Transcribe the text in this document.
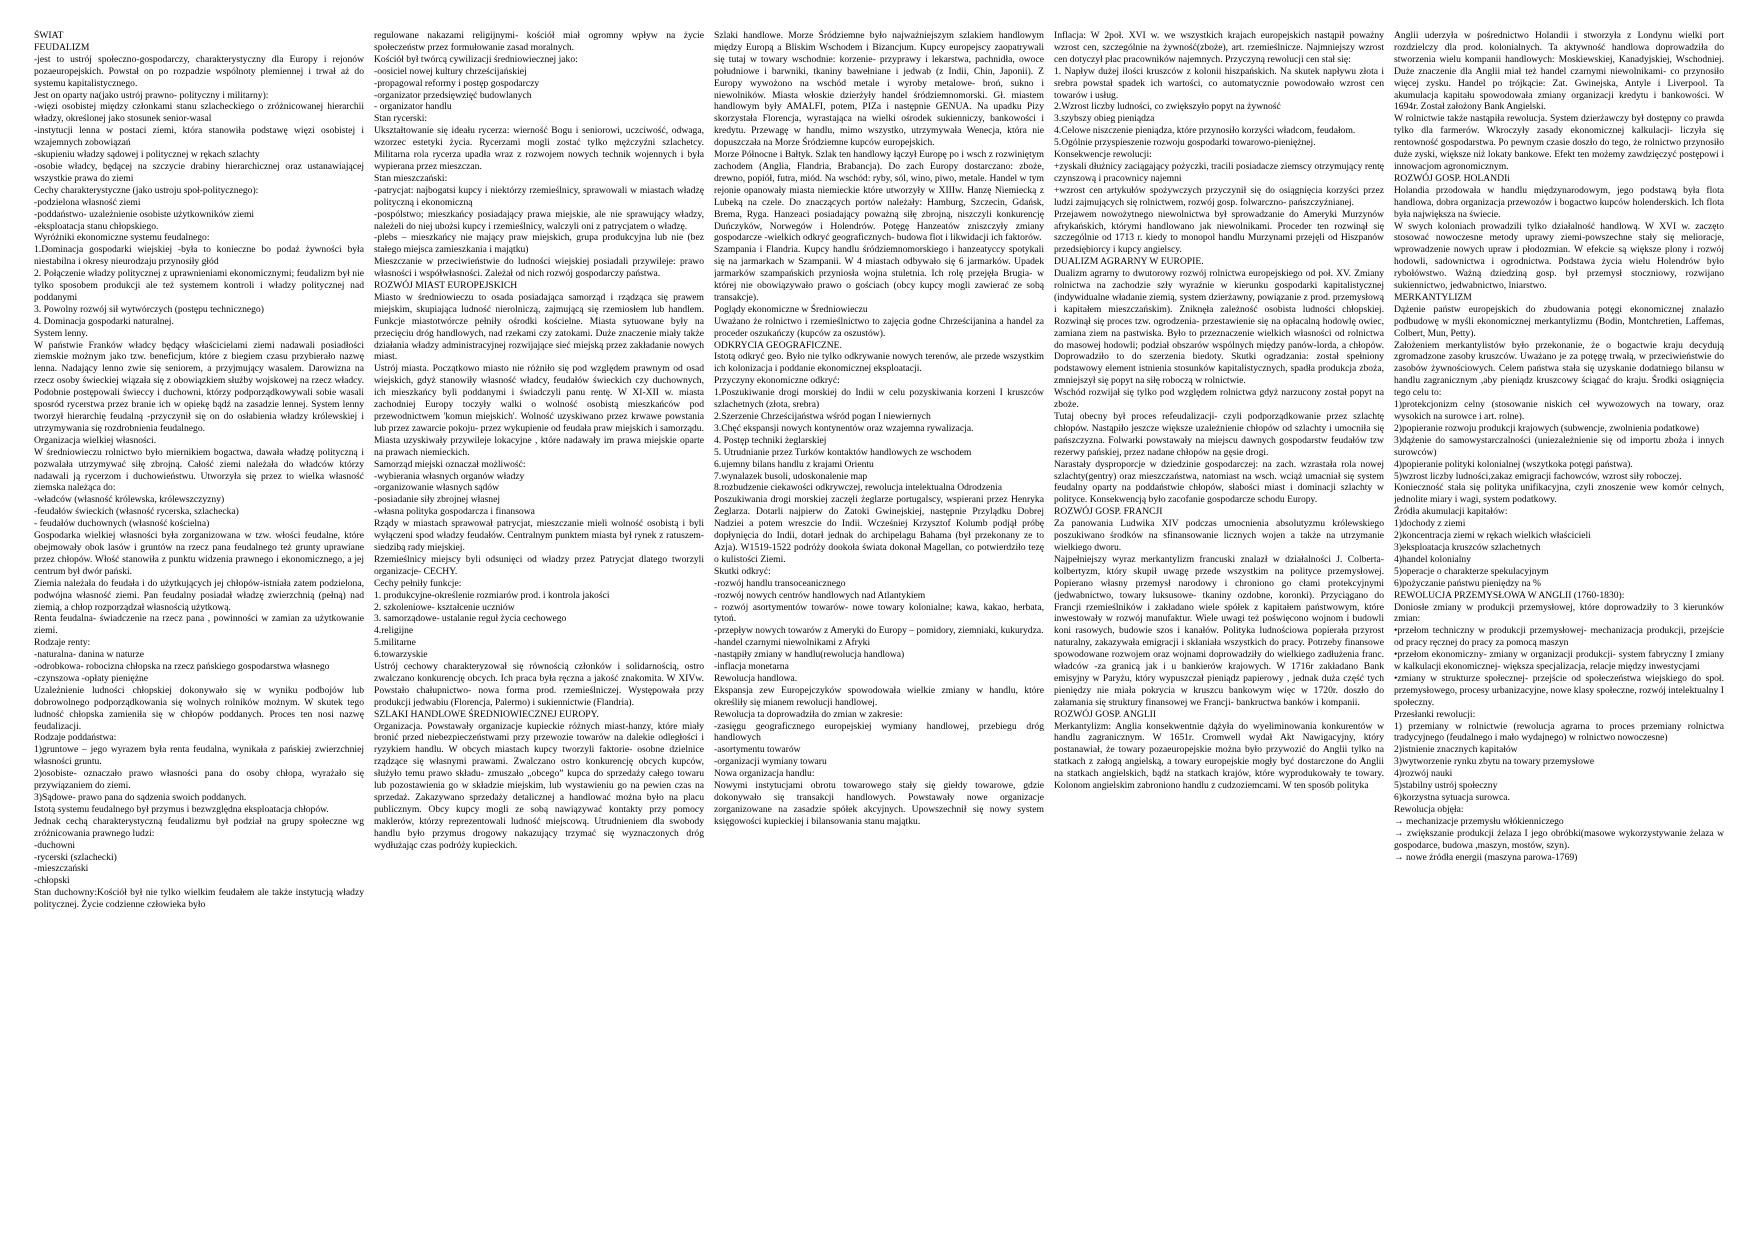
ŚWIAT

FEUDALIZM

-jest to ustrój społeczno-gospodarczy, charakterystyczny dla Europy i rejonów pozaeuropejskich. Powstał on po rozpadzie wspólnoty plemiennej i trwał aż do systemu kapitalistycznego.

Jest on oparty na(jako ustrój prawno- polityczny i militarny):

-więzi osobistej między członkami stanu szlacheckiego o zróżnicowanej hierarchii władzy, określonej jako stosunek senior-wasal

-instytucji lenna w postaci ziemi, która stanowiła podstawę więzi osobistej i wzajemnych zobowiązań

-skupieniu władzy sądowej i politycznej w rękach szlachty

-osobie władcy, będącej na szczycie drabiny hierarchicznej oraz ustanawiającej wszystkie prawa do ziemi

Cechy charakterystyczne (jako ustroju społ-politycznego):

-podzielona własność ziemi

-poddaństwo- uzależnienie osobiste użytkowników ziemi

-eksploatacja stanu chłopskiego.

Wyróżniki ekonomiczne systemu feudalnego:

1.Dominacja gospodarki wiejskiej -była to konieczne bo podaż żywności była niestabilna i okresy nieurodzaju przynosiły głód

2. Połączenie władzy politycznej z uprawnieniami ekonomicznymi; feudalizm był nie tylko sposobem produkcji ale też systemem kontroli i władzy politycznej nad poddanymi

3. Powolny rozwój sił wytwórczych (postępu technicznego)

4. Dominacja gospodarki naturalnej.

System lenny.

W państwie Franków władcy będący właścicielami ziemi nadawali posiadłości ziemskie możnym jako tzw. beneficjum, które z biegiem czasu przybierało nazwę lenna. Nadający lenno zwie się seniorem, a przyjmujący wasalem. Darowizna na rzecz osoby świeckiej wiązała się z obowiązkiem służby wojskowej na rzecz władcy. Podobnie postępowali świeccy i duchowni, którzy podporządkowywali sobie wasali sposród rycerstwa przez branie ich w opiekę bądź na zasadzie lennej. System lenny tworzył hierarchię feudalną -przyczynił się on do osłabienia władzy królewskiej i utrzymywania się rozdrobnienia feudalnego.

Organizacja wielkiej własności.

W średniowieczu rolnictwo było miernikiem bogactwa, dawała władzę polityczną i pozwalała utrzymywać siłę zbrojną. Całość ziemi należała do władców którzy nadawali ją rycerzom i duchowieństwu. Utworzyła się przez to wielka własność ziemska należąca do:

-władców (własność królewska, królewszczyzny)

-feudałów świeckich (własność rycerska, szlachecka)

- feudałów duchownych (własność kościelna)

Gospodarka wielkiej własności była zorganizowana w tzw. włości feudalne, które obejmowały obok lasów i gruntów na rzecz pana feudalnego też grunty uprawiane przez chłopów. Włość stanowiła z punktu widzenia prawnego i ekonomicznego, a jej centrum był dwór pański.

Ziemia należała do feudała i do użytkujących jej chłopów-istniała zatem podzielona, podwójna własność ziemi. Pan feudalny posiadał władzę zwierzchnią (pełną) nad ziemią, a chłop rozporządzał własnością użytkową.

Renta feudalna- świadczenie na rzecz pana , powinności w zamian za użytkowanie ziemi.

Rodzaje renty:

-naturalna- danina w naturze

-odrobkowa- robocizna chłopska na rzecz pańskiego gospodarstwa własnego

-czynszowa -opłaty pieniężne

Uzależnienie ludności chłopskiej dokonywało się w wyniku podbojów lub dobrowolnego podporządkowania się wolnych rolników możnym. W skutek tego ludność chłopska zamieniła się w chłopów poddanych. Proces ten nosi nazwę feudalizacji.

Rodzaje poddaństwa:

1)gruntowe – jego wyrazem była renta feudalna, wynikała z pańskiej zwierzchniej własności gruntu.

2)osobiste- oznaczało prawo własności pana do osoby chłopa, wyrażało się przywiązaniem do ziemi.

3)Sądowe- prawo pana do sądzenia swoich poddanych.

Istotą systemu feudalnego był przymus i bezwzględna eksploatacja chłopów.

Jednak cechą charakterystyczną feudalizmu był podział na grupy społeczne wg zróżnicowania prawnego ludzi:

-duchowni

-rycerski (szlachecki)

-mieszczański

-chłopski

Stan duchowny:Kościół był nie tylko wielkim feudałem ale także instytucją władzy politycznej. Życie codzienne człowieka było

regulowane nakazami religijnymi- kościół miał ogromny wpływ na życie społeczeństw przez formułowanie zasad moralnych.

Kościół był twórcą cywilizacji średniowiecznej jako:

-oosiciel nowej kultury chrześcijańskiej

-propagowal reformy i postęp gospodarczy

-organizator przedsięwzięć budowlanych

- organizator handlu

Stan rycerski:

Ukształtowanie się ideału rycerza: wierność Bogu i seniorowi, uczciwość, odwaga, wzorzec estetyki życia. Rycerzami mogli zostać tylko mężczyźni szlachetcy. Militarna rola rycerza upadła wraz z rozwojem nowych technik wojennych i była wypierana przez mieszczan.

Stan mieszczański:

-patrycjat: najbogatsi kupcy i niektórzy rzemieślnicy, sprawowali w miastach władzę polityczną i ekonomiczną

-pospólstwo; mieszkańcy posiadający prawa miejskie, ale nie sprawujący władzy, należeli do niej ubożsi kupcy i rzemieślnicy, walczyli oni z patrycjatem o władzę.

-plebs – mieszkańcy nie mający praw miejskich, grupa produkcyjna lub nie (bez stałego miejsca zamieszkania i majątku)

Mieszczanie w przeciwieństwie do ludności wiejskiej posiadali przywileje: prawo własności i współwłasności. Zależał od nich rozwój gospodarczy państwa.

ROZWÓJ MIAST EUROPEJSKICH

Miasto w średniowieczu to osada posiadająca samorząd i rządząca się prawem miejskim, skupiająca ludność nierolniczą, zajmującą się rzemiosłem lub handlem. Funkcje miastotwórcze pełniły ośrodki kościelne. Miasta sytuowane były na przecięciu dróg handlowych, nad rzekami czy zatokami. Duże znaczenie miały także działania władzy administracyjnej rozwijające sieć miejską przez zakładanie nowych miast.

Ustrój miasta. Początkowo miasto nie różniło się pod względem prawnym od osad wiejskich, gdyż stanowiły własność władcy, feudałów świeckich czy duchownych, ich mieszkańcy byli poddanymi i świadczyli panu rentę. W XI-XII w. miasta zachodniej Europy toczyły walki o wolność osobistą mieszkańców pod przewodnictwem 'komun miejskich'. Wolność uzyskiwano przez krwawe powstania lub przez zawarcie pokoju- przez wykupienie od feudała praw miejskich i samorządu. Miasta uzyskiwały przywileje lokacyjne , które nadawały im prawa miejskie oparte na prawach niemieckich.

Samorząd miejski oznaczał możliwość:

-wybierania własnych organów władzy

-organizowanie własnych sądów

-posiadanie siły zbrojnej własnej

-własna polityka gospodarcza i finansowa

Rządy w miastach sprawował patrycjat, mieszczanie mieli wolność osobistą i byli wyłączeni spod władzy feudałów. Centralnym punktem miasta był rynek z ratuszem- siedzibą rady miejskiej.

Rzemieślnicy miejscy byli odsunięci od władzy przez Patrycjat dlatego tworzyli organizacje- CECHY.

Cechy pełniły funkcje:

1. produkcyjne-określenie rozmiarów prod. i kontrola jakości

2. szkoleniowe- kształcenie uczniów

3. samorządowe- ustalanie reguł życia cechowego

4.religijne

5.militarne

6.towarzyskie

Ustrój cechowy charakteryzował się równością członków i solidarnością, ostro zwalczano konkurencję obcych. Ich praca była ręczna a jakość znakomita. W XIVw. Powstało chałupnictwo- nowa forma prod. rzemieślniczej. Występowała przy produkcji jedwabiu (Florencja, Palermo) i sukiennictwie (Flandria).

SZLAKI HANDLOWE ŚREDNIOWIECZNEJ EUROPY.

Organizacja. Powstawały organizacje kupieckie różnych miast-hanzy, które miały bronić przed niebezpieczeństwami przy przewozie towarów na dalekie odległości i ryzykiem handlu. W obcych miastach kupcy tworzyli faktorie- osobne dzielnice rządzące się własnymi prawami. Zwalczano ostro konkurencję obcych kupców, służyło temu prawo składu- zmuszało „obcego” kupca do sprzedaży całego towaru lub pozostawienia go w składzie miejskim, lub wystawieniu go na pewien czas na sprzedaż. Zakazywano sprzedaży detalicznej a handlować można było na placu publicznym. Obcy kupcy mogli ze sobą nawiązywać kontakty przy pomocy maklerów, którzy reprezentowali ludność miejscową. Utrudnieniem dla swobody handlu było przymus drogowy nakazujący trzymać się wyznaczonych dróg wydłużając czas podróży kupieckich.

Szlaki handlowe. Morze Śródziemne było najważniejszym szlakiem handlowym między Europą a Bliskim Wschodem i Bizancjum. Kupcy europejscy zaopatrywali się tutaj w towary wschodnie: korzenie- przyprawy i lekarstwa, pachnidła, owoce południowe i barwniki, tkaniny bawełniane i jedwab (z Indii, Chin, Japonii). Z Europy wywożono na wschód metale i wyroby metalowe- broń, sukno i niewolników. Miasta włoskie dzierżyły handel śródziemnomorski. Gł. miastem handlowym były AMALFI, potem, PIZa i następnie GENUA. Na upadku Pizy skorzystała Florencja, wyrastająca na wielki ośrodek sukienniczy, bankowości i kredytu. Przewagę w handlu, mimo wszystko, utrzymywała Wenecja, która nie dopuszczała na Morze Śródziemne kupców europejskich.

Morze Północne i Bałtyk. Szlak ten handlowy łączył Europę po i wsch z rozwiniętym zachodem (Anglia, Flandria, Brabancja). Do zach Europy dostarczano: zboże, drewno, popiół, futra, miód. Na wschód: ryby, sól, wino, piwo, metale. Handel w tym rejonie opanowały miasta niemieckie które utworzyły w XIIIw. Hanzę Niemiecką z Lubeką na czele. Do znaczących portów należały: Hamburg, Szczecin, Gdańsk, Brema, Ryga. Hanzeaci posiadający poważną siłę zbrojną, niszczyli konkurencję Duńczyków, Norwegów i Holendrów. Potęgę Hanzeatów zniszczyły zmiany gospodarcze -wielkich odkryć geograficznych- budowa flot i likwidacji ich faktorów.

Szampania i Flandria. Kupcy handlu śródziemnomorskiego i hanzeatyccy spotykali się na jarmarkach w Szampanii. W 4 miastach odbywało się 6 jarmarków. Upadek jarmarków szampańskich przyniosła wojna stuletnia. Ich rolę przejęła Brugia- w której nie obowiązywało prawo o gościach (obcy kupcy mogli zawierać ze sobą transakcje).

Poglądy ekonomiczne w Średniowieczu

Uważano że rolnictwo i rzemieślnictwo to zajęcia godne Chrześcijanina a handel za proceder oszukańczy (kupców za oszustów).

ODKRYCIA GEOGRAFICZNE.

Istotą odkryć geo. Było nie tylko odkrywanie nowych terenów, ale przede wszystkim ich kolonizacja i poddanie ekonomicznej eksploatacji.

Przyczyny ekonomiczne odkryć:

1.Poszukiwanie drogi morskiej do Indii w celu pozyskiwania korzeni I kruszców szlachetnych (złota, srebra)

2.Szerzenie Chrześcijaństwa wśród pogan I niewiernych

3.Chęć ekspansji nowych kontynentów oraz wzajemna rywalizacja.

4. Postęp techniki żeglarskiej

5. Utrudnianie przez Turków kontaktów handlowych ze wschodem

6.ujemny bilans handlu z krajami Orientu

7.wynalazek busoli, udoskonalenie map

8.rozbudzenie ciekawości odkrywczej, rewolucja intelektualna Odrodzenia

Poszukiwania drogi morskiej zaczęli żeglarze portugalscy, wspierani przez Henryka Żeglarza. Dotarli najpierw do Zatoki Gwinejskiej, następnie Przylądku Dobrej Nadziei a potem wreszcie do Indii. Wcześniej Krzysztof Kolumb podjął próbę dopłynięcia do Indii, dotarł jednak do archipelagu Bahama (był przekonany ze to Azja). W1519-1522 podróży dookoła świata dokonał Magellan, co potwierdziło tezę o kulistości Ziemi.

Skutki odkryć:

-rozwój handlu transoceanicznego

-rozwój nowych centrów handlowych nad Atlantykiem

- rozwój asortymentów towarów- nowe towary kolonialne; kawa, kakao, herbata, tytoń.

-przepływ nowych towarów z Ameryki do Europy – pomidory, ziemniaki, kukurydza.

-handel czarnymi niewolnikami z Afryki

-nastąpiły zmiany w handlu(rewolucja handlowa)

-inflacja monetarna

Rewolucja handlowa.

Ekspansja zew Europejczyków spowodowała wielkie zmiany w handlu, które określiły się mianem rewolucji handlowej.

Rewolucja ta doprowadziła do zmian w zakresie:

-zasięgu geograficznego europejskiej wymiany handlowej, przebiegu dróg handlowych

-asortymentu towarów

-organizacji wymiany towaru

Nowa organizacja handlu:

Nowymi instytucjami obrotu towarowego stały się giełdy towarowe, gdzie dokonywało się transakcji handlowych. Powstawały nowe organizacje zorganizowane na zasadzie spółek akcyjnych. Upowszechnił się nowy system księgowości kupieckiej i bilansowania stanu majątku.

Inflacja: W 2poł. XVI w. we wszystkich krajach europejskich nastąpił poważny wzrost cen, szczególnie na żywność(zboże), art. rzemieślnicze. Najmniejszy wzrost cen dotyczył płac pracowników najemnych. Przyczyną rewolucji cen stał się:

1. Napływ dużej ilości kruszców z kolonii hiszpańskich. Na skutek napływu złota i srebra powstał spadek ich wartości, co automatycznie powodowało wzrost cen towarów i usług.

2.Wzrost liczby ludności, co zwiększyło popyt na żywność

3.szybszy obieg pieniądza

4.Celowe niszczenie pieniądza, które przynosiło korzyści władcom, feudałom.

5.Ogólnie przyspieszenie rozwoju gospodarki towarowo-pieniężnej.

Konsekwencje rewolucji:

+zyskali dłużnicy zaciągający pożyczki, tracili posiadacze ziemscy otrzymujący rentę czynszową i pracownicy najemni

+wzrost cen artykułów spożywczych przyczynił się do osiągnięcia korzyści przez ludzi zajmujących się rolnictwem, rozwój gosp. folwarczno- pańszczyźnianej.

Przejawem nowożytnego niewolnictwa był sprowadzanie do Ameryki Murzynów afrykańskich, którymi handlowano jak niewolnikami. Proceder ten rozwinął się szczególnie od 1713 r. kiedy to monopol handlu Murzynami przejęli od Hiszpanów przedsiębiorcy i kupcy angielscy.

DUALIZM AGRARNY W EUROPIE.

Dualizm agrarny to dwutorowy rozwój rolnictwa europejskiego od poł. XV. Zmiany rolnictwa na zachodzie szły wyraźnie w kierunku gospodarki kapitalistycznej (indywidualne władanie ziemią, system dzierżawny, powiązanie z prod. przemysłową i kapitałem mieszczańskim). Zniknęła zależność osobista ludności chłopskiej. Rozwinął się proces tzw. ogrodzenia- przestawienie się na opłacalną hodowlę owiec, zamiana ziem na pastwiska. Było to przeznaczenie wielkich własności od rolnictwa do masowej hodowli; podział obszarów wspólnych między panów-lorda, a chłopów. Doprowadziło to do szerzenia biedoty. Skutki ogradzania: został spełniony podstawowy element istnienia stosunków kapitalistycznych, spadła produkcja zboża, zmniejszył się popyt na siłę roboczą w rolnictwie.

Wschód rozwijał się tylko pod względem rolnictwa gdyż narzucony został popyt na zboże.

Tutaj obecny był proces refeudalizacji- czyli podporządkowanie przez szlachtę chłopów. Nastąpiło jeszcze większe uzależnienie chłopów od szlachty i umocniła się pańszczyzna. Folwarki powstawały na miejscu dawnych gospodarstw feudałów tzw rezerwy pańskiej, przez nadane chłopów na gęsie drogi.

Narastały dysproporcje w dziedzinie gospodarczej: na zach. wzrastała rola nowej szlachty(gentry) oraz mieszczaństwa, natomiast na wsch. wciąż umacniał się system feudalny oparty na poddaństwie chłopów, słabości miast i dominacji szlachty w polityce. Konsekwencją było zacofanie gospodarcze schodu Europy.

ROZWÓJ GOSP. FRANCJI

Za panowania Ludwika XIV podczas umocnienia absolutyzmu królewskiego poszukiwano środków na sfinansowanie licznych wojen a także na utrzymanie wielkiego dworu.

Najpełniejszy wyraz merkantylizm francuski znalazł w działalności J. Colberta- kolbertyzm, który skupił uwagę przede wszystkim na polityce przemysłowej. Popierano własny przemysł narodowy i chroniono go cłami protekcyjnymi (jedwabnictwo, towary luksusowe- tkaniny ozdobne, koronki). Przyciągano do Francji rzemieślników i zakładano wiele spółek z kapitałem państwowym, które inwestowały w rozwój manufaktur. Wiele uwagi też poświęcono wojnom i budowli koni rasowych, budowie szos i kanałów. Polityka ludnościowa popierała przyrost naturalny, zakazywała emigracji i skłaniała wszystkich do pracy. Potrzeby finansowe spowodowane rozwojem oraz wojnami doprowadziły do wielkiego zadłużenia franc. władców -za granicą jak i u bankierów krajowych. W 1716r zakładano Bank emisyjny w Paryżu, który wypuszczał pieniądz papierowy , jednak duża część tych pieniędzy nie miała pokrycia w kruszcu bankowym więc w 1720r. doszło do załamania się struktury finansowej we Francji- bankructwa banków i kompanii.

ROZWÓJ GOSP. ANGLII

Merkantylizm: Anglia konsekwentnie dążyła do wyeliminowania konkurentów w handlu zagranicznym. W 1651r. Cromwell wydał Akt Nawigacyjny, który postanawiał, że towary pozaeuropejskie można było przywozić do Anglii tylko na statkach z załogą angielską, a towary europejskie mogły być dostarczone do Anglii na statkach angielskich, bądź na statkach krajów, które wyprodukowały te towary. Kolonom angielskim zabroniono handlu z cudzoziemcami. W ten sposób polityka

Anglii uderzyła w pośrednictwo Holandii i stworzyła z Londynu wielki port rozdzielczy dla prod. kolonialnych. Ta aktywność handlowa doprowadziła do stworzenia wielu kompanii handlowych: Moskiewskiej, Kanadyjskiej, Wschodniej. Duże znaczenie dla Anglii miał też handel czarnymi niewolnikami- co przynosiło więcej zysku. Handel po trójkącie: Zat. Gwinejska, Antyle i Liverpool. Ta akumulacja kapitału spowodowała zmiany organizacji kredytu i bankowości. W 1694r. Został założony Bank Angielski.

W rolnictwie także nastąpiła rewolucja. System dzierżawczy był dostępny co prawda tylko dla farmerów. Wkroczyły zasady ekonomicznej kalkulacji- liczyła się rentowność gospodarstwa. Po pewnym czasie doszło do tego, że rolnictwo przynosiło duże zyski, większe niż lokaty bankowe. Efekt ten możemy zawdzięczyć postępowi i innowacjom agronomicznym.

ROZWÓJ GOSP. HOLANDIi

Holandia przodowała w handlu międzynarodowym, jego podstawą była flota handlowa, dobra organizacja przewozów i bogactwo kupców holenderskich. Ich flota była największa na świecie.

W swych koloniach prowadzili tylko działalność handlową. W XVI w. zaczęto stosować nowoczesne metody uprawy ziemi-powszechne stały się melioracje, wprowadzenie nowych upraw i płodozmian. W efekcie są większe plony i rozwój hodowli, sadownictwa i ogrodnictwa. Podstawa życia wielu Holendrów było rybołówstwo. Ważną dziedziną gosp. był przemysł stoczniowy, rozwijano sukiennictwo, jedwabnictwo, lniarstwo.

MERKANTYLIZM

Dążenie państw europejskich do zbudowania potęgi ekonomicznej znalazło podbudowę w myśli ekonomicznej merkantylizmu (Bodin, Montchretien, Laffemas, Colbert, Mun, Petty).

Założeniem merkantylistów było przekonanie, że o bogactwie kraju decydują zgromadzone zasoby kruszców. Uważano je za potęgę trwałą, w przeciwieństwie do zasobów żywnościowych. Celem państwa stała się uzyskanie dodatniego bilansu w handlu zagranicznym ,aby pieniądz kruszcowy ściągać do kraju. Środki osiągnięcia tego celu to:

1)protekcjonizm celny (stosowanie niskich ceł wywozowych na towary, oraz wysokich na surowce i art. rolne).

2)popieranie rozwoju produkcji krajowych (subwencje, zwolnienia podatkowe)

3)dążenie do samowystarczalności (uniezależnienie się od importu zboża i innych surowców)

4)popieranie polityki kolonialnej (wszytkoka potęgi państwa).

5)wzrost liczby ludności,zakaz emigracji fachowców, wzrost siły roboczej.

Konieczność stała się polityka unifikacyjna, czyli znoszenie wew komór celnych, jednolite miary i wagi, system podatkowy.

Źródła akumulacji kapitałów:

1)dochody z ziemi

2)koncentracja ziemi w rękach wielkich właścicieli

3)eksploatacja kruszców szlachetnych

4)handel kolonialny

5)operacje o charakterze spekulacyjnym

6)pożyczanie państwu pieniędzy na %

REWOLUCJA PRZEMYSŁOWA W ANGLII (1760-1830):

Doniosłe zmiany w produkcji przemysłowej, które doprowadziły to 3 kierunków zmian:

•przełom techniczny w produkcji przemysłowej- mechanizacja produkcji, przejście od pracy ręcznej do pracy za pomocą maszyn

•przełom ekonomiczny- zmiany w organizacji produkcji- system fabryczny I zmiany w kalkulacji ekonomicznej- większa specjalizacja, relacje między inwestycjami

•zmiany w strukturze społecznej- przejście od społeczeństwa wiejskiego do społ. przemysłowego, procesy urbanizacyjne, nowe klasy społeczne, rozwój intelektualny I społeczny.

Przesłanki rewolucji:

1) przemiany w rolnictwie (rewolucja agrarna to proces przemiany rolnictwa tradycyjnego (feudalnego i mało wydajnego) w rolnictwo nowoczesne)

2)istnienie znacznych kapitałów

3)wytworzenie rynku zbytu na towary przemysłowe

4)rozwój nauki

5)stabilny ustrój społeczny

6)korzystna sytuacja surowca.

Rewolucja objęła:

→ mechanizacje przemysłu włókienniczego

→ zwiększanie produkcji żelaza I jego obróbki(masowe wykorzystywanie żelaza w gospodarce, budowa ,maszyn, mostów, szyn).

→ nowe źródła energii (maszyna parowa-1769)
